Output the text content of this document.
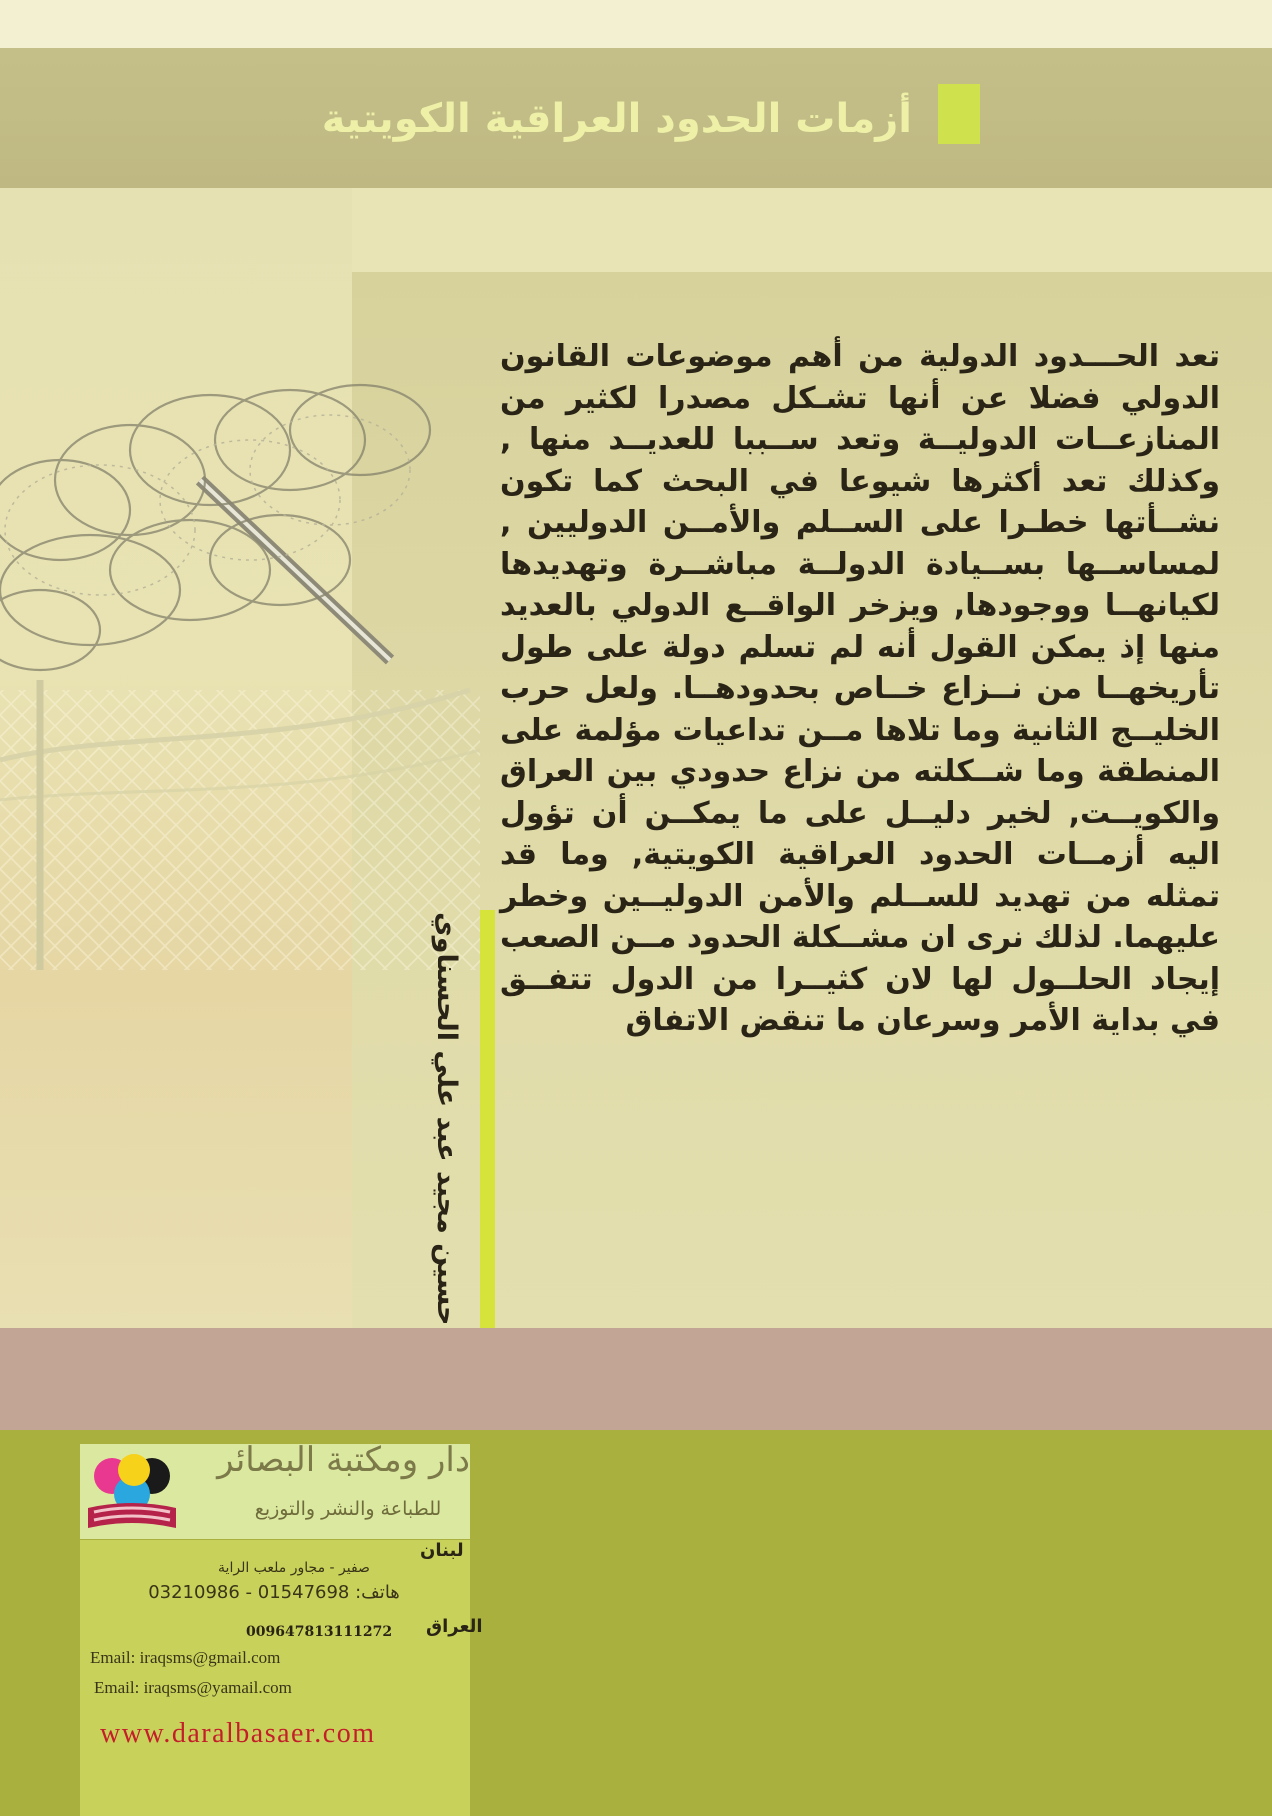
أزمات الحدود العراقية الكويتية
تعد الحـــدود الدولية من أهم موضوعات القانون الدولي فضلا عن أنها تشـكل مصدرا لكثير من المنازعــات الدوليــة وتعد ســببا للعديــد منها , وكذلك تعد أكثرها شيوعا في البحث كما تكون نشــأتها خطـرا على الســلم والأمــن الدوليين , لمساســها بســيادة الدولــة مباشــرة وتهديدها لكيانهــا ووجودها, ويزخر الواقــع الدولي بالعديد منها إذ يمكن القول أنه لم تسلم دولة على طول تأريخهــا من نــزاع خــاص بحدودهــا. ولعل حرب الخليــج الثانية وما تلاها مــن تداعيات مؤلمة على المنطقة وما شــكلته من نزاع حدودي بين العراق والكويــت, لخير دليــل على ما يمكــن أن تؤول اليه أزمــات الحدود العراقية الكويتية, وما قد تمثله من تهديد للســلم والأمن الدوليــين وخطر عليهما. لذلك نرى ان مشــكلة الحدود مــن الصعب إيجاد الحلــول لها لان كثيــرا من الدول تتفــق في بداية الأمر وسرعان ما تنقض الاتفاق
حسين مجيد عبد علي الحسناوي
دار ومكتبة البصائر
للطباعة والنشر والتوزيع
لبنان
صفير - مجاور ملعب الراية
03210986 - 01547698 :هاتف
العراق
009647813111272
Email: iraqsms@gmail.com
Email: iraqsms@yamail.com
www.daralbasaer.com
